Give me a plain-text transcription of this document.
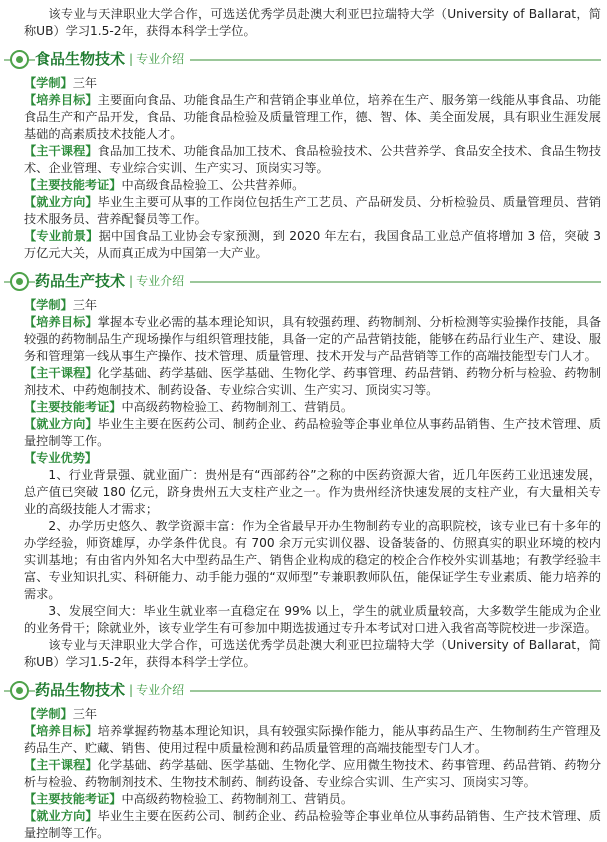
该专业与天津职业大学合作，可选送优秀学员赴澳大利亚巴拉瑞特大学（University of Ballarat，简称UB）学习1.5-2年，获得本科学士学位。

食品生物技术 | 专业介绍

【学制】三年

【培养目标】主要面向食品、功能食品生产和营销企事业单位，培养在生产、服务第一线能从事食品、功能食品生产和产品开发，食品、功能食品检验及质量管理工作，德、智、体、美全面发展，具有职业生涯发展基础的高素质技术技能人才。

【主干课程】食品加工技术、功能食品加工技术、食品检验技术、公共营养学、食品安全技术、食品生物技术、企业管理、专业综合实训、生产实习、顶岗实习等。

【主要技能考证】中高级食品检验工、公共营养师。

【就业方向】毕业生主要可从事的工作岗位包括生产工艺员、产品研发员、分析检验员、质量管理员、营销技术服务员、营养配餐员等工作。

【专业前景】据中国食品工业协会专家预测，到 2020 年左右，我国食品工业总产值将增加 3 倍，突破 3 万亿元大关，从而真正成为中国第一大产业。

药品生产技术 | 专业介绍

【学制】三年

【培养目标】掌握本专业必需的基本理论知识，具有较强药理、药物制剂、分析检测等实验操作技能，具备较强的药物制品生产现场操作与组织管理技能，具备一定的产品营销技能，能够在药品行业生产、建设、服务和管理第一线从事生产操作、技术管理、质量管理、技术开发与产品营销等工作的高端技能型专门人才。

【主干课程】化学基础、药学基础、医学基础、生物化学、药事管理、药品营销、药物分析与检验、药物制剂技术、中药炮制技术、制药设备、专业综合实训、生产实习、顶岗实习等。

【主要技能考证】中高级药物检验工、药物制剂工、营销员。

【就业方向】毕业生主要在医药公司、制药企业、药品检验等企事业单位从事药品销售、生产技术管理、质量控制等工作。

【专业优势】

1、行业背景强、就业面广：贵州是有“西部药谷”之称的中医药资源大省，近几年医药工业迅速发展，总产值已突破 180 亿元，跻身贵州五大支柱产业之一。作为贵州经济快速发展的支柱产业，有大量相关专业的高级技能人才需求；

2、办学历史悠久、教学资源丰富：作为全省最早开办生物制药专业的高职院校，该专业已有十多年的办学经验，师资雄厚，办学条件优良。有 700 余万元实训仪器、设备装备的、仿照真实的职业环境的校内实训基地；有由省内外知名大中型药品生产、销售企业构成的稳定的校企合作校外实训基地；有教学经验丰富、专业知识扎实、科研能力、动手能力强的“双师型”专兼职教师队伍，能保证学生专业素质、能力培养的需求。

3、发展空间大：毕业生就业率一直稳定在 99% 以上，学生的就业质量较高，大多数学生能成为企业的业务骨干；除就业外，该专业学生有可参加中期选拔通过专升本考试对口进入我省高等院校进一步深造。

该专业与天津职业大学合作，可选送优秀学员赴澳大利亚巴拉瑞特大学（University of Ballarat，简称UB）学习1.5-2年，获得本科学士学位。

药品生物技术 | 专业介绍

【学制】三年

【培养目标】培养掌握药物基本理论知识，具有较强实际操作能力，能从事药品生产、生物制药生产管理及药品生产、贮藏、销售、使用过程中质量检测和药品质量管理的高端技能型专门人才。

【主干课程】化学基础、药学基础、医学基础、生物化学、应用微生物技术、药事管理、药品营销、药物分析与检验、药物制剂技术、生物技术制药、制药设备、专业综合实训、生产实习、顶岗实习等。

【主要技能考证】中高级药物检验工、药物制剂工、营销员。

【就业方向】毕业生主要在医药公司、制药企业、药品检验等企事业单位从事药品销售、生产技术管理、质量控制等工作。
